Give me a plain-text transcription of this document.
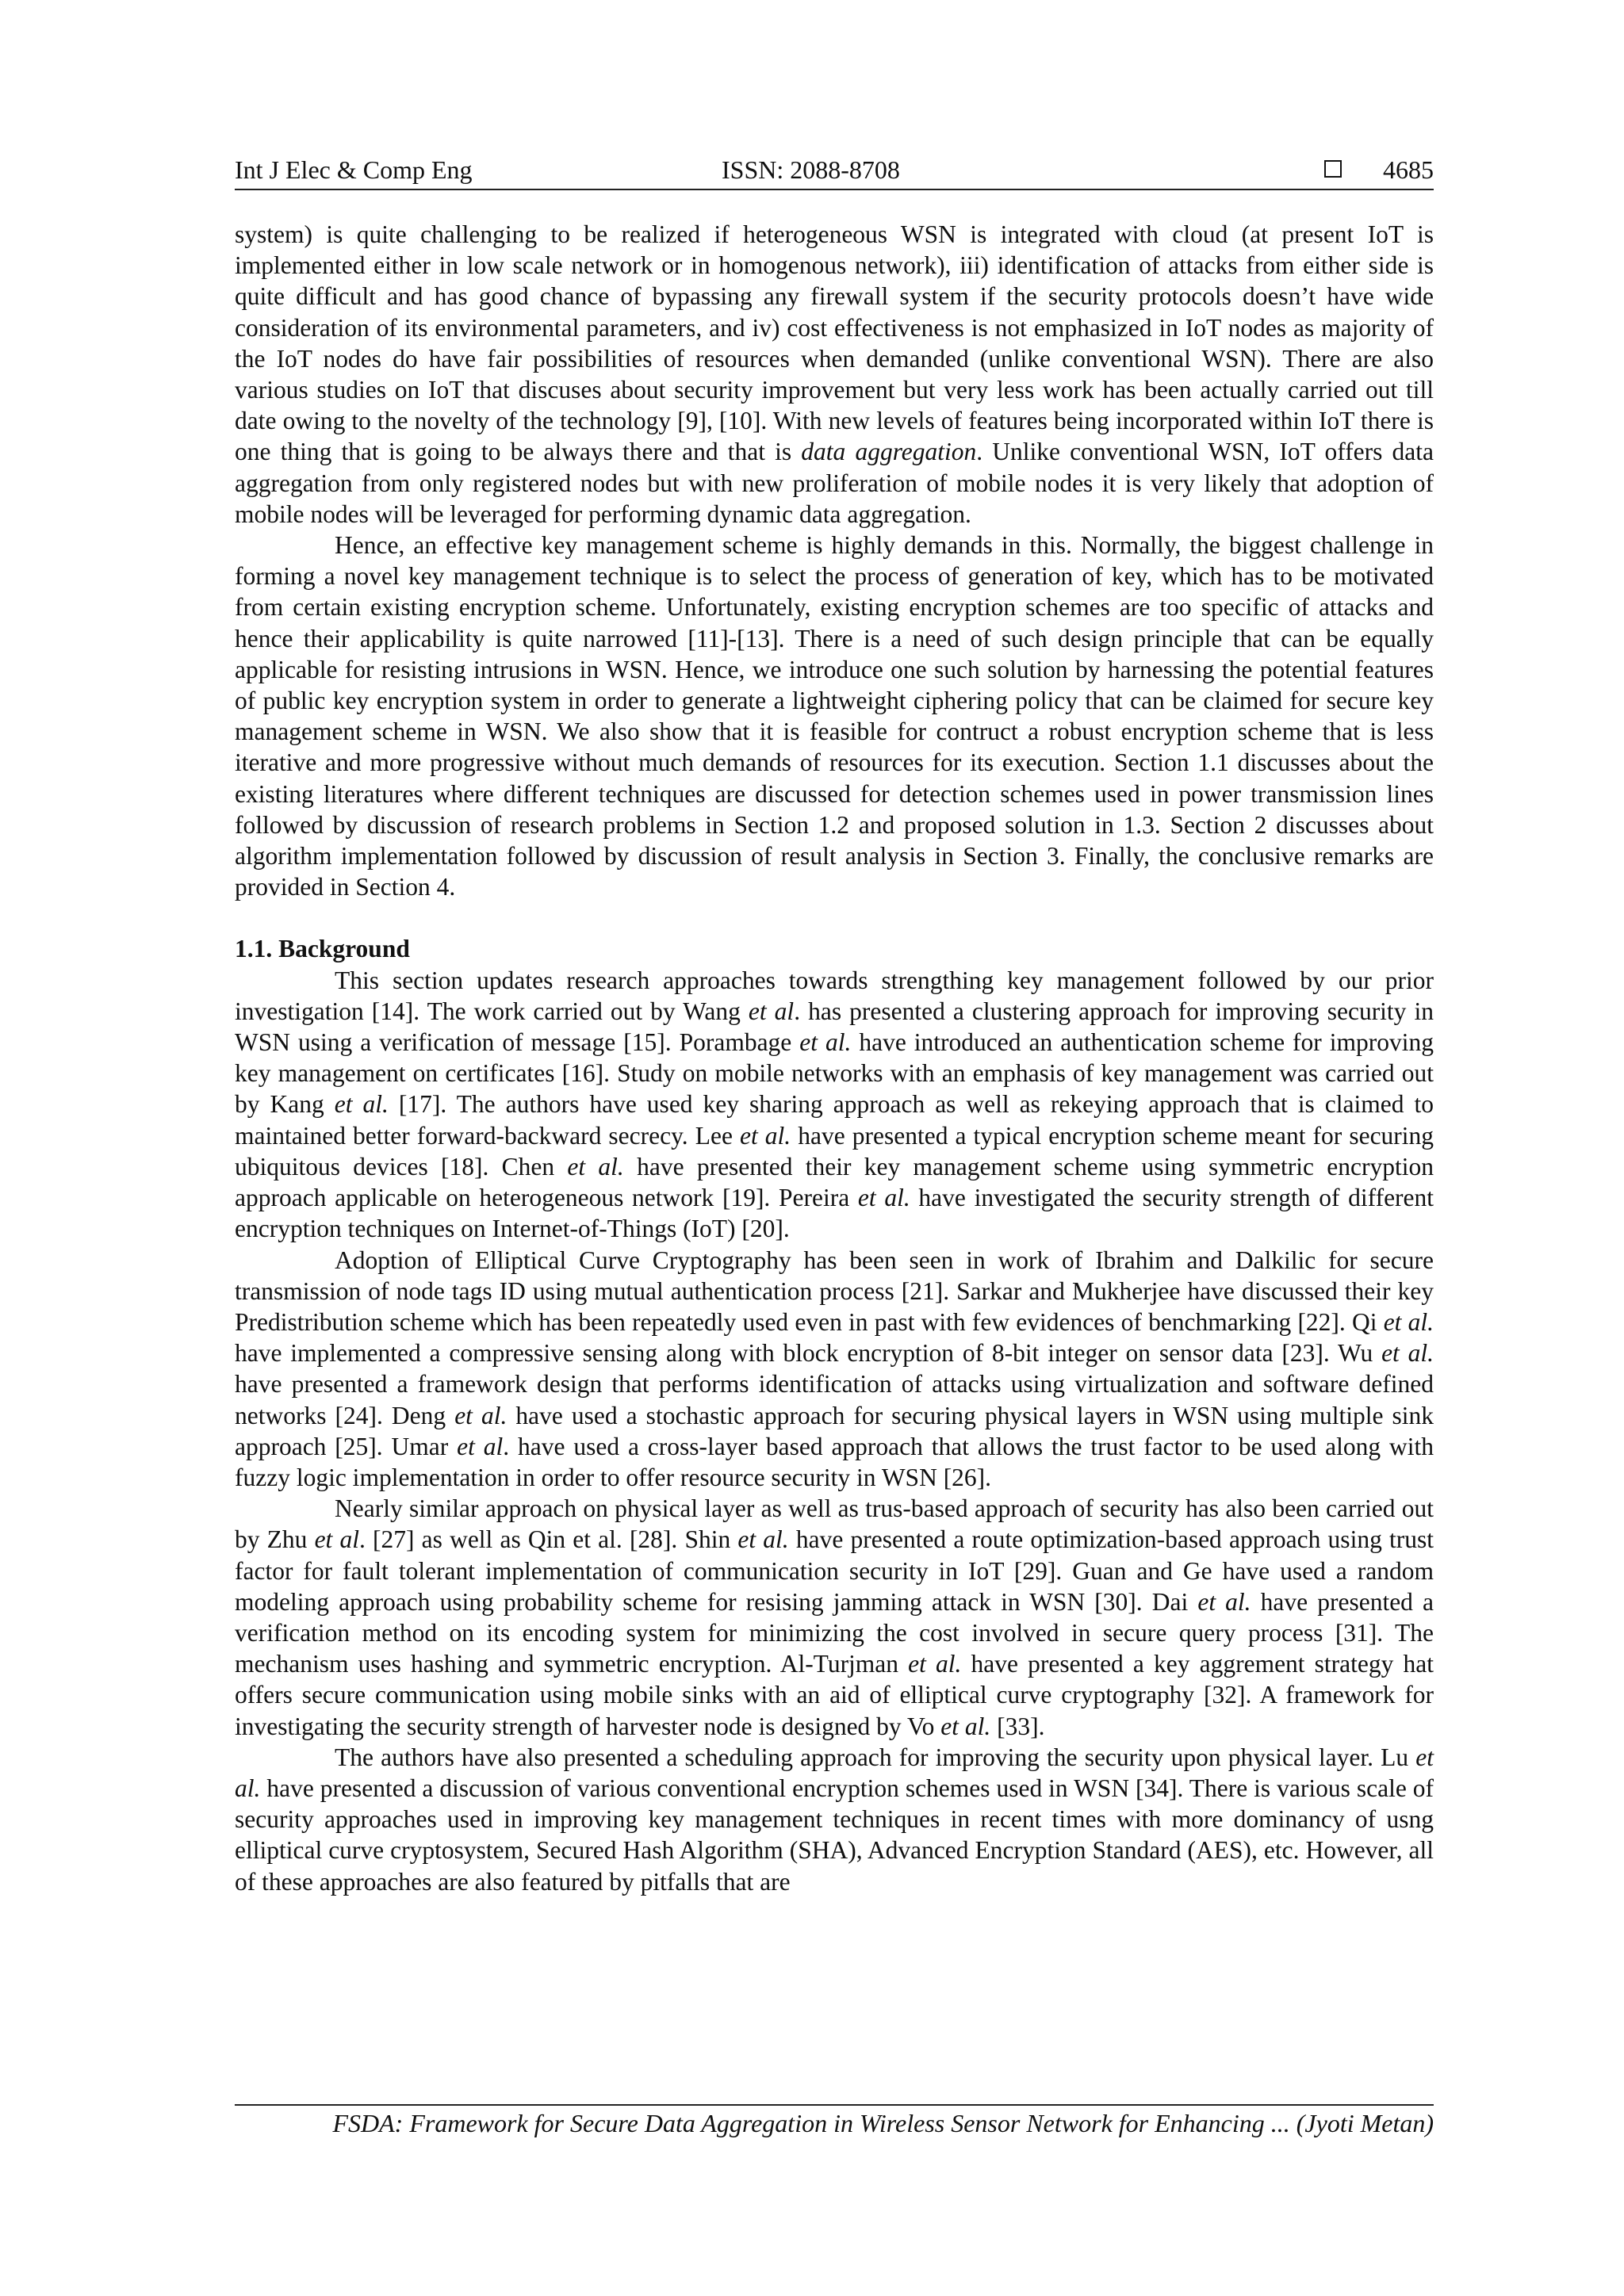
Int J Elec & Comp Eng	ISSN: 2088-8708	4685

system) is quite challenging to be realized if heterogeneous WSN is integrated with cloud (at present IoT is implemented either in low scale network or in homogenous network), iii) identification of attacks from either side is quite difficult and has good chance of bypassing any firewall system if the security protocols doesn’t have wide consideration of its environmental parameters, and iv) cost effectiveness is not emphasized in IoT nodes as majority of the IoT nodes do have fair possibilities of resources when demanded (unlike conventional WSN). There are also various studies on IoT that discuses about security improvement but very less work has been actually carried out till date owing to the novelty of the technology [9], [10]. With new levels of features being incorporated within IoT there is one thing that is going to be always there and that is data aggregation. Unlike conventional WSN, IoT offers data aggregation from only registered nodes but with new proliferation of mobile nodes it is very likely that adoption of mobile nodes will be leveraged for performing dynamic data aggregation.

Hence, an effective key management scheme is highly demands in this. Normally, the biggest challenge in forming a novel key management technique is to select the process of generation of key, which has to be motivated from certain existing encryption scheme. Unfortunately, existing encryption schemes are too specific of attacks and hence their applicability is quite narrowed [11]-[13]. There is a need of such design principle that can be equally applicable for resisting intrusions in WSN. Hence, we introduce one such solution by harnessing the potential features of public key encryption system in order to generate a lightweight ciphering policy that can be claimed for secure key management scheme in WSN. We also show that it is feasible for contruct a robust encryption scheme that is less iterative and more progressive without much demands of resources for its execution. Section 1.1 discusses about the existing literatures where different techniques are discussed for detection schemes used in power transmission lines followed by discussion of research problems in Section 1.2 and proposed solution in 1.3. Section 2 discusses about algorithm implementation followed by discussion of result analysis in Section 3. Finally, the conclusive remarks are provided in Section 4.

1.1. Background

This section updates research approaches towards strengthing key management followed by our prior investigation [14]. The work carried out by Wang et al. has presented a clustering approach for improving security in WSN using a verification of message [15]. Porambage et al. have introduced an authentication scheme for improving key management on certificates [16]. Study on mobile networks with an emphasis of key management was carried out by Kang et al. [17]. The authors have used key sharing approach as well as rekeying approach that is claimed to maintained better forward-backward secrecy. Lee et al. have presented a typical encryption scheme meant for securing ubiquitous devices [18]. Chen et al. have presented their key management scheme using symmetric encryption approach applicable on heterogeneous network [19]. Pereira et al. have investigated the security strength of different encryption techniques on Internet-of-Things (IoT) [20].

Adoption of Elliptical Curve Cryptography has been seen in work of Ibrahim and Dalkilic for secure transmission of node tags ID using mutual authentication process [21]. Sarkar and Mukherjee have discussed their key Predistribution scheme which has been repeatedly used even in past with few evidences of benchmarking [22]. Qi et al. have implemented a compressive sensing along with block encryption of 8-bit integer on sensor data [23]. Wu et al. have presented a framework design that performs identification of attacks using virtualization and software defined networks [24]. Deng et al. have used a stochastic approach for securing physical layers in WSN using multiple sink approach [25]. Umar et al. have used a cross-layer based approach that allows the trust factor to be used along with fuzzy logic implementation in order to offer resource security in WSN [26].

Nearly similar approach on physical layer as well as trus-based approach of security has also been carried out by Zhu et al. [27] as well as Qin et al. [28]. Shin et al. have presented a route optimization-based approach using trust factor for fault tolerant implementation of communication security in IoT [29]. Guan and Ge have used a random modeling approach using probability scheme for resising jamming attack in WSN [30]. Dai et al. have presented a verification method on its encoding system for minimizing the cost involved in secure query process [31]. The mechanism uses hashing and symmetric encryption. Al-Turjman et al. have presented a key aggrement strategy hat offers secure communication using mobile sinks with an aid of elliptical curve cryptography [32]. A framework for investigating the security strength of harvester node is designed by Vo et al. [33].

The authors have also presented a scheduling approach for improving the security upon physical layer. Lu et al. have presented a discussion of various conventional encryption schemes used in WSN [34]. There is various scale of security approaches used in improving key management techniques in recent times with more dominancy of usng elliptical curve cryptosystem, Secured Hash Algorithm (SHA), Advanced Encryption Standard (AES), etc. However, all of these approaches are also featured by pitfalls that are

FSDA: Framework for Secure Data Aggregation in Wireless Sensor Network for Enhancing ... (Jyoti Metan)
